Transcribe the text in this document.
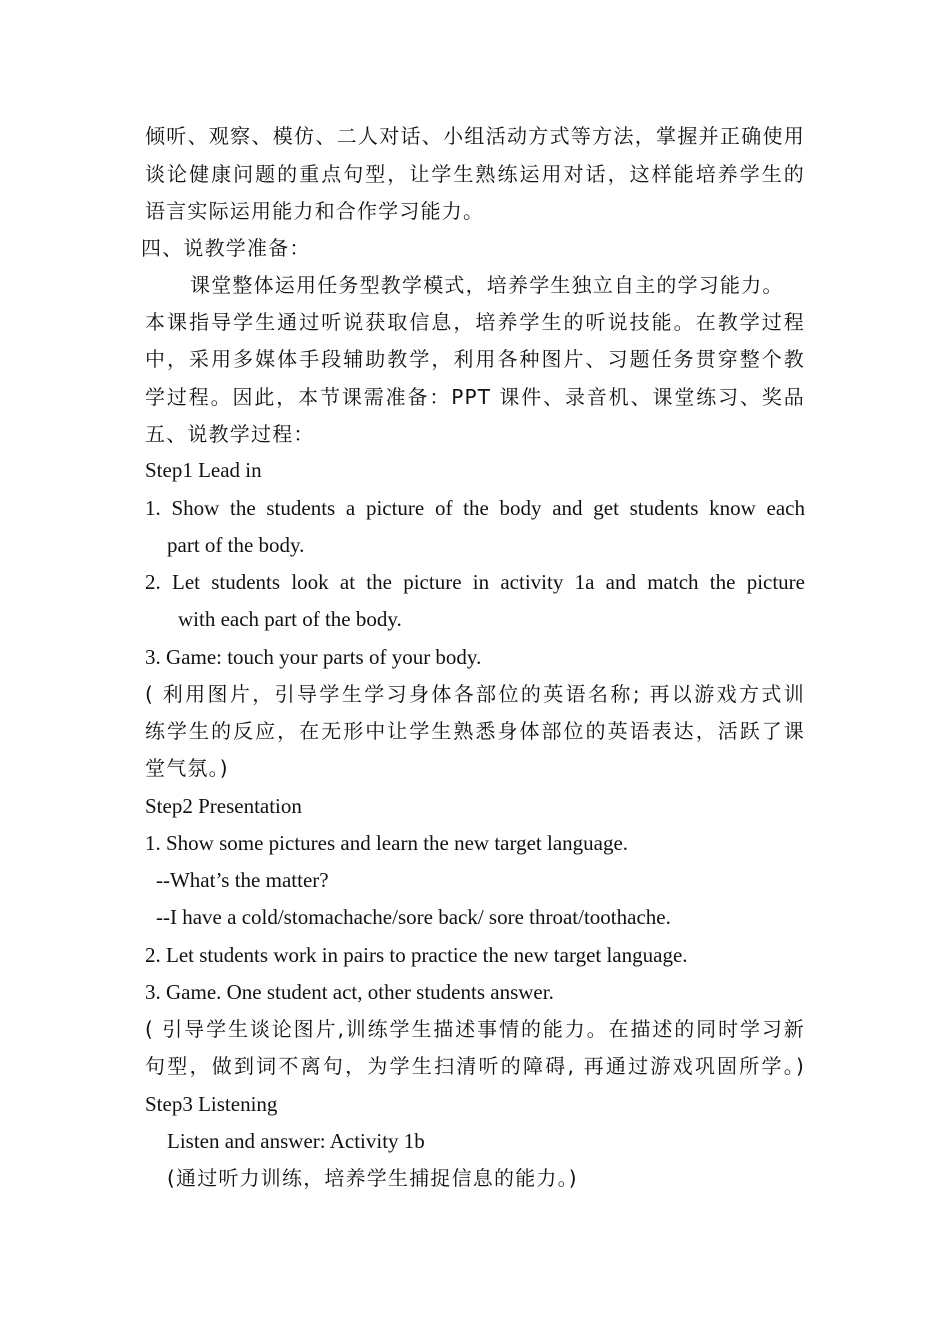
倾听、观察、模仿、二人对话、小组活动方式等方法，掌握并正确使用
谈论健康问题的重点句型，让学生熟练运用对话，这样能培养学生的
语言实际运用能力和合作学习能力。
四、说教学准备：
课堂整体运用任务型教学模式，培养学生独立自主的学习能力。
本课指导学生通过听说获取信息，培养学生的听说技能。在教学过程
中，采用多媒体手段辅助教学，利用各种图片、习题任务贯穿整个教
学过程。因此，本节课需准备：PPT 课件、录音机、课堂练习、奖品
五、说教学过程：
Step1 Lead in
1. Show the students a picture of the body and get students know each
part of the body.
2. Let students look at the picture in activity 1a and match the picture
with each part of the body.
3. Game: touch your parts of your body.
( 利用图片，引导学生学习身体各部位的英语名称; 再以游戏方式训
练学生的反应，在无形中让学生熟悉身体部位的英语表达，活跃了课
堂气氛。)
Step2 Presentation
1. Show some pictures and learn the new target language.
--What’s the matter?
--I have a cold/stomachache/sore back/ sore throat/toothache.
2. Let students work in pairs to practice the new target language.
3. Game. One student act, other students answer.
( 引导学生谈论图片,训练学生描述事情的能力。在描述的同时学习新
句型，做到词不离句，为学生扫清听的障碍, 再通过游戏巩固所学。)
Step3 Listening
Listen and answer: Activity 1b
(通过听力训练，培养学生捕捉信息的能力。)
